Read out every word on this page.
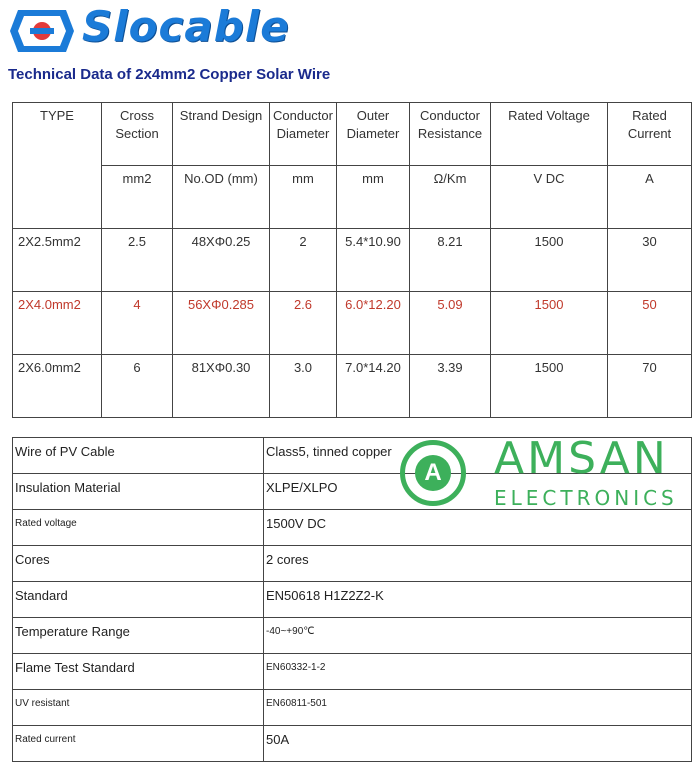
Slocable
Technical Data of 2x4mm2 Copper Solar Wire
TYPE	Cross Section	Strand Design	Conductor Diameter	Outer Diameter	Conductor Resistance	Rated Voltage	Rated Current
	mm2	No.OD (mm)	mm	mm	Ω/Km	V DC	A
2X2.5mm2	2.5	48XΦ0.25	2	5.4*10.90	8.21	1500	30
2X4.0mm2	4	56XΦ0.285	2.6	6.0*12.20	5.09	1500	50
2X6.0mm2	6	81XΦ0.30	3.0	7.0*14.20	3.39	1500	70
Wire of PV Cable	Class5, tinned copper
Insulation Material	XLPE/XLPO
Rated voltage	1500V DC
Cores	2 cores
Standard	EN50618 H1Z2Z2-K
Temperature Range	-40~+90℃
Flame Test Standard	EN60332-1-2
UV resistant	EN60811-501
Rated current	50A
A AMSAN
ELECTRONICS
